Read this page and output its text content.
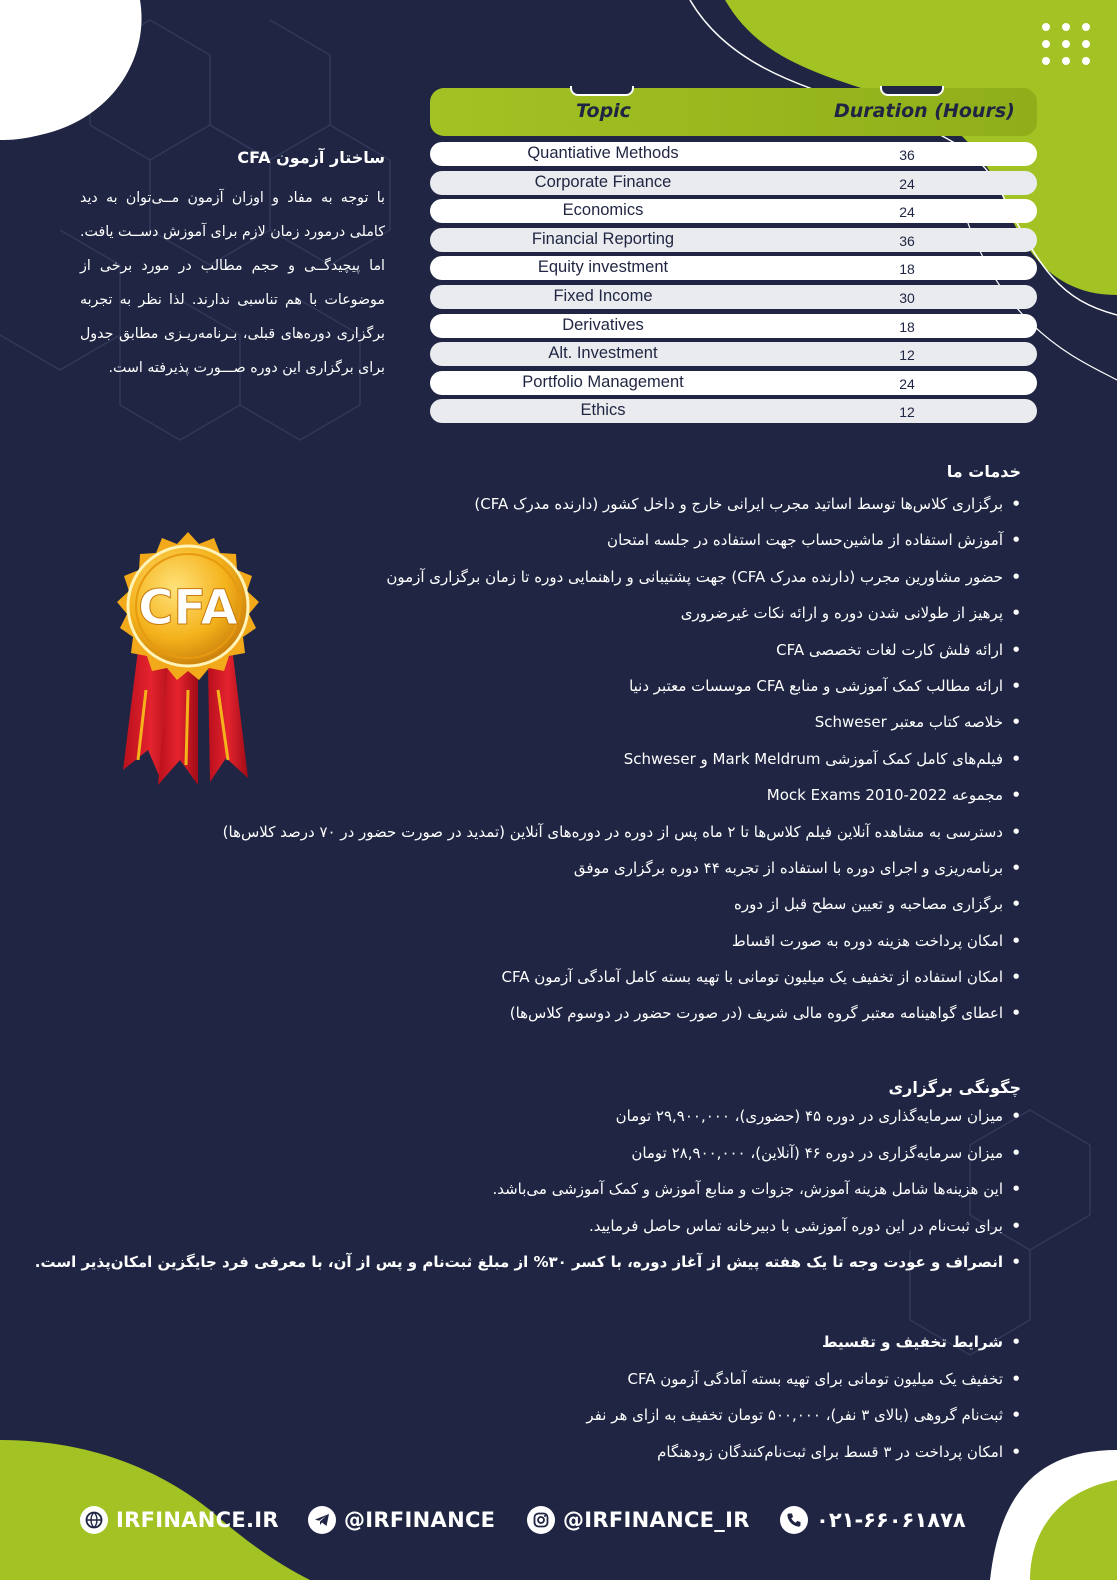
Topic	Duration (Hours)
Quantiative Methods	36
Corporate Finance	24
Economics	24
Financial Reporting	36
Equity investment	18
Fixed Income	30
Derivatives	18
Alt. Investment	12
Portfolio Management	24
Ethics	12
ساختار آزمون CFA

با توجه به مفاد و اوزان آزمون مــی‌توان به دید کاملی درمورد زمان لازم برای آموزش دســت یافت. اما پیچیدگــی و حجم مطالب در مورد برخی از موضوعات با هم تناسبی ندارند. لذا نظر به تجربه برگزاری دوره‌های قبلی، بـرنامه‌ریـزی مطابق جدول برای برگزاری این دوره صـــورت پذیرفته است.

CFA
خدمات ما
• برگزاری کلاس‌ها توسط اساتید مجرب ایرانی خارج و داخل کشور (دارنده مدرک CFA)
• آموزش استفاده از ماشین‌حساب جهت استفاده در جلسه امتحان
• حضور مشاورین مجرب (دارنده مدرک CFA) جهت پشتیبانی و راهنمایی دوره تا زمان برگزاری آزمون
• پرهیز از طولانی شدن دوره و ارائه نکات غیرضروری
• ارائه فلش کارت لغات تخصصی CFA
• ارائه مطالب کمک آموزشی و منابع CFA موسسات معتبر دنیا
• خلاصه کتاب معتبر Schweser
• فیلم‌های کامل کمک آموزشی Mark Meldrum و Schweser
• مجموعه Mock Exams 2010-2022
• دسترسی به مشاهده آنلاین فیلم کلاس‌ها تا ۲ ماه پس از دوره در دوره‌های آنلاین (تمدید در صورت حضور در ۷۰ درصد کلاس‌ها)
• برنامه‌ریزی و اجرای دوره با استفاده از تجربه ۴۴ دوره برگزاری موفق
• برگزاری مصاحبه و تعیین سطح قبل از دوره
• امکان پرداخت هزینه دوره به صورت اقساط
• امکان استفاده از تخفیف یک میلیون تومانی با تهیه بسته کامل آمادگی آزمون CFA
• اعطای گواهینامه معتبر گروه مالی شریف (در صورت حضور در دوسوم کلاس‌ها)
چگونگی برگزاری
• میزان سرمایه‌گذاری در دوره ۴۵ (حضوری)، ۲۹,۹۰۰,۰۰۰ تومان
• میزان سرمایه‌گزاری در دوره ۴۶ (آنلاین)، ۲۸,۹۰۰,۰۰۰ تومان
• این هزینه‌ها شامل هزینه آموزش، جزوات و منابع آموزش و کمک آموزشی می‌باشد.
• برای ثبت‌نام در این دوره آموزشی با دبیرخانه تماس حاصل فرمایید.
• انصراف و عودت وجه تا یک هفته پیش از آغاز دوره، با کسر ۳۰% از مبلغ ثبت‌نام و پس از آن، با معرفی فرد جایگزین امکان‌پذیر است.
• شرایط تخفیف و تقسیط
• تخفیف یک میلیون تومانی برای تهیه بسته آمادگی آزمون CFA
• ثبت‌نام گروهی (بالای ۳ نفر)، ۵۰۰,۰۰۰ تومان تخفیف به ازای هر نفر
• امکان پرداخت در ۳ قسط برای ثبت‌نام‌کنندگان زودهنگام
IRFINANCE.IR	@IRFINANCE	@IRFINANCE_IR	۰۲۱-۶۶۰۶۱۸۷۸
